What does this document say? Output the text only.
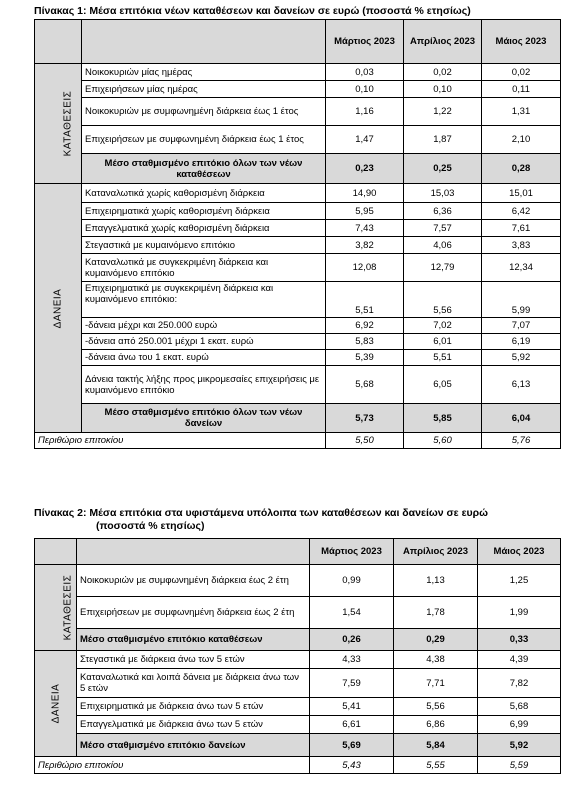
Πίνακας 1: Μέσα επιτόκια νέων καταθέσεων και δανείων σε ευρώ (ποσοστά % ετησίως)
		Μάρτιος 2023	Απρίλιος 2023	Μάιος 2023
ΚΑΤΑΘΕΣΕΙΣ	Νοικοκυριών μίας ημέρας	0,03	0,02	0,02
	Επιχειρήσεων μίας ημέρας	0,10	0,10	0,11
	Νοικοκυριών με συμφωνημένη διάρκεια έως 1 έτος	1,16	1,22	1,31
	Επιχειρήσεων με συμφωνημένη διάρκεια έως 1 έτος	1,47	1,87	2,10
	Μέσο σταθμισμένο επιτόκιο όλων των νέων καταθέσεων	0,23	0,25	0,28
ΔΑΝΕΙΑ	Καταναλωτικά χωρίς καθορισμένη διάρκεια	14,90	15,03	15,01
	Επιχειρηματικά χωρίς καθορισμένη διάρκεια	5,95	6,36	6,42
	Επαγγελματικά χωρίς καθορισμένη διάρκεια	7,43	7,57	7,61
	Στεγαστικά με κυμαινόμενο επιτόκιο	3,82	4,06	3,83
	Καταναλωτικά με συγκεκριμένη διάρκεια και κυμαινόμενο επιτόκιο	12,08	12,79	12,34
	Επιχειρηματικά με συγκεκριμένη διάρκεια και κυμαινόμενο επιτόκιο:	5,51	5,56	5,99
	-δάνεια μέχρι και 250.000 ευρώ	6,92	7,02	7,07
	-δάνεια από 250.001 μέχρι 1 εκατ. ευρώ	5,83	6,01	6,19
	-δάνεια άνω του 1 εκατ. ευρώ	5,39	5,51	5,92
	Δάνεια τακτής λήξης προς μικρομεσαίες επιχειρήσεις με κυμαινόμενο επιτόκιο	5,68	6,05	6,13
	Μέσο σταθμισμένο επιτόκιο όλων των νέων δανείων	5,73	5,85	6,04
Περιθώριο επιτοκίου		5,50	5,60	5,76
Πίνακας 2: Μέσα επιτόκια στα υφιστάμενα υπόλοιπα των καταθέσεων και δανείων σε ευρώ
(ποσοστά % ετησίως)
		Μάρτιος 2023	Απρίλιος 2023	Μάιος 2023
ΚΑΤΑΘΕΣΕΙΣ	Νοικοκυριών με συμφωνημένη διάρκεια έως 2 έτη	0,99	1,13	1,25
	Επιχειρήσεων με συμφωνημένη διάρκεια έως 2 έτη	1,54	1,78	1,99
	Μέσο σταθμισμένο επιτόκιο καταθέσεων	0,26	0,29	0,33
ΔΑΝΕΙΑ	Στεγαστικά με διάρκεια άνω των 5 ετών	4,33	4,38	4,39
	Καταναλωτικά και λοιπά δάνεια με διάρκεια άνω των 5 ετών	7,59	7,71	7,82
	Επιχειρηματικά με διάρκεια άνω των 5 ετών	5,41	5,56	5,68
	Επαγγελματικά με διάρκεια άνω των 5 ετών	6,61	6,86	6,99
	Μέσο σταθμισμένο επιτόκιο δανείων	5,69	5,84	5,92
Περιθώριο επιτοκίου		5,43	5,55	5,59
